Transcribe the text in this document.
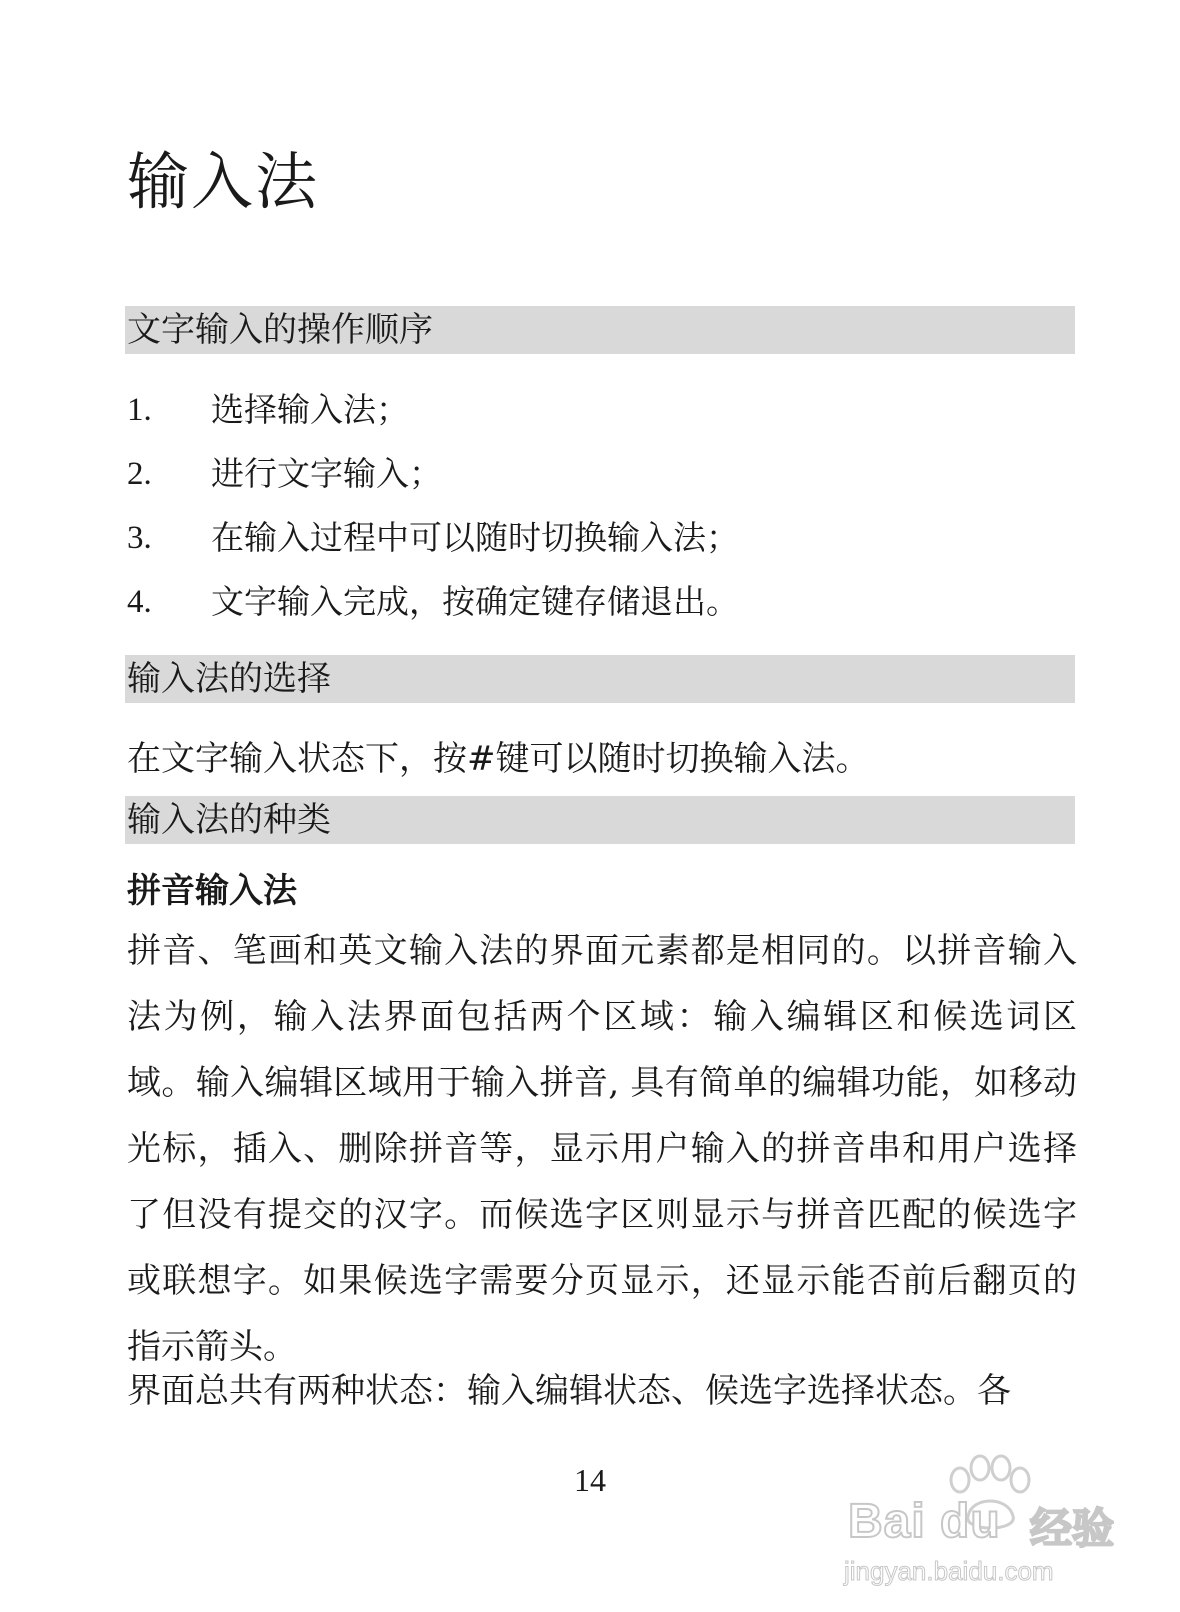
输入法
文字输入的操作顺序
1.	选择输入法；
2.	进行文字输入；
3.	在输入过程中可以随时切换输入法；
4.	文字输入完成，按确定键存储退出。
输入法的选择

在文字输入状态下，按#键可以随时切换输入法。

输入法的种类
拼音输入法

拼音、笔画和英文输入法的界面元素都是相同的。以拼音输入法为例，输入法界面包括两个区域：输入编辑区和候选词区域。输入编辑区域用于输入拼音, 具有简单的编辑功能，如移动光标，插入、删除拼音等，显示用户输入的拼音串和用户选择了但没有提交的汉字。而候选字区则显示与拼音匹配的候选字或联想字。如果候选字需要分页显示，还显示能否前后翻页的指示箭头。

界面总共有两种状态：输入编辑状态、候选字选择状态。各

14
Bai du 经验
jingyan.baidu.com
